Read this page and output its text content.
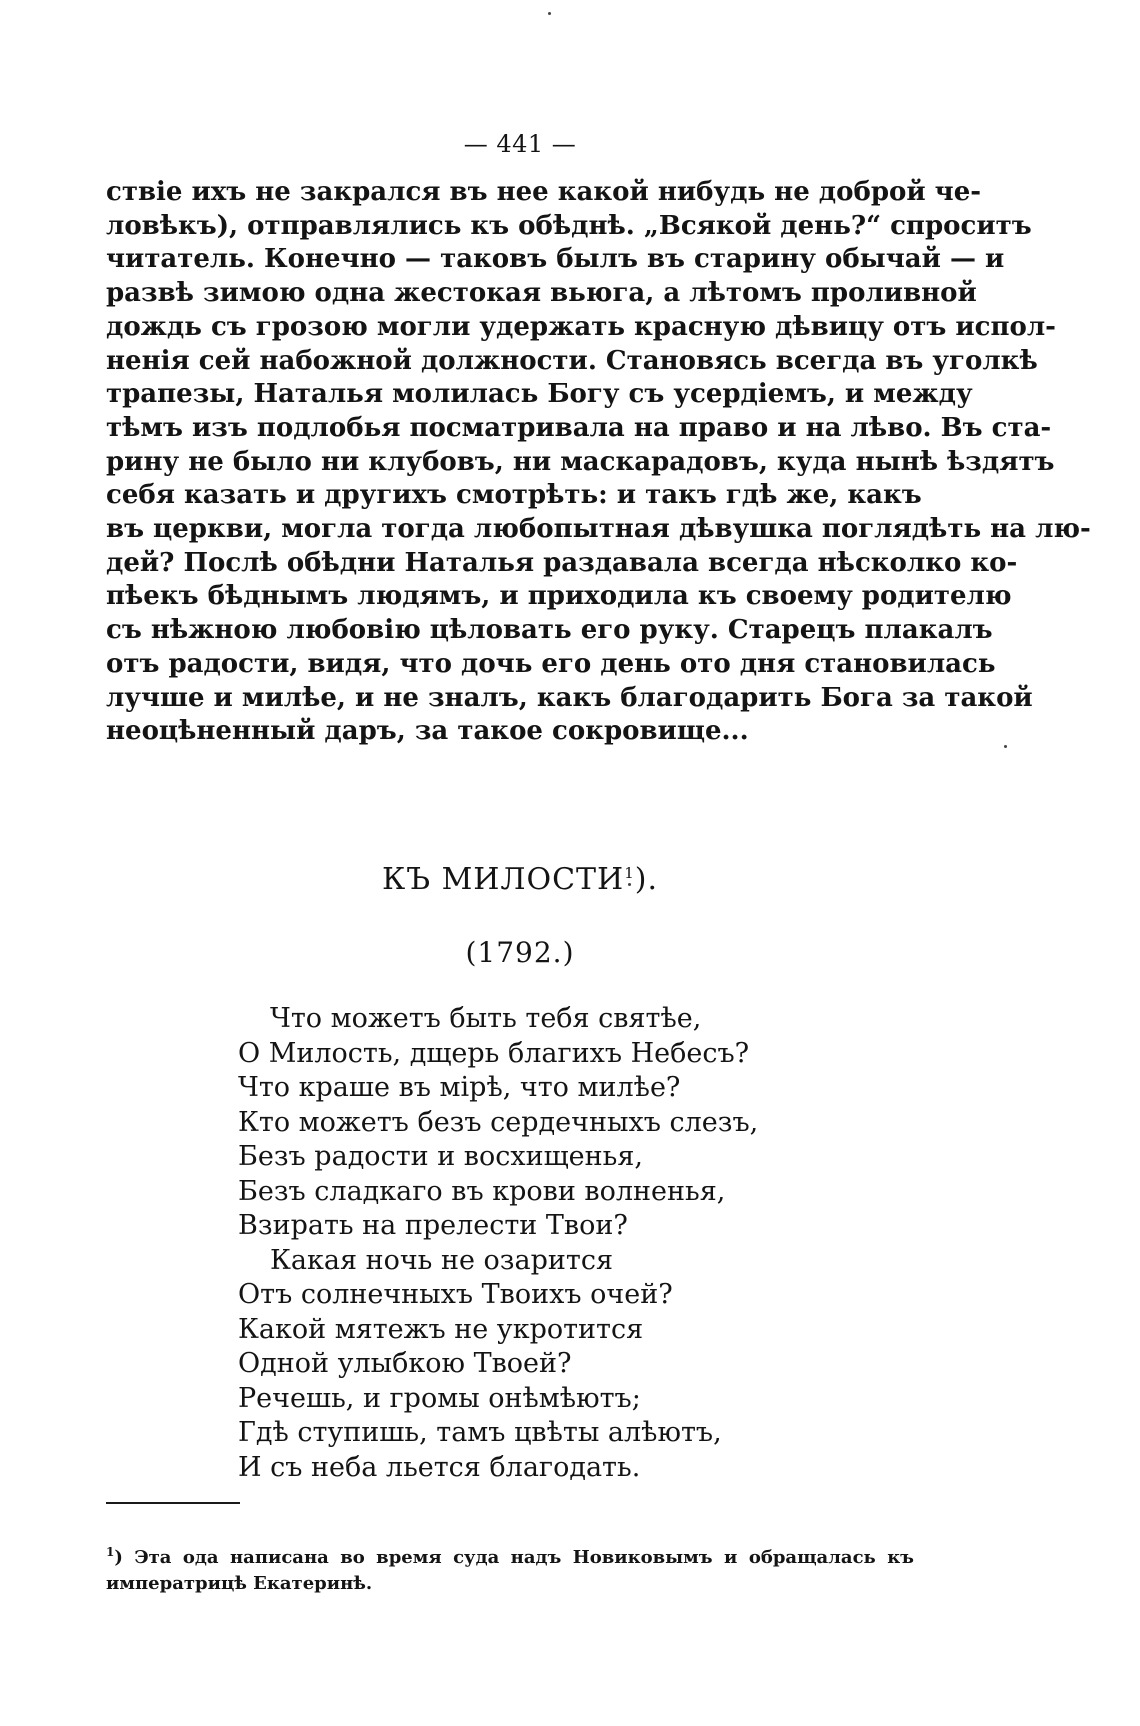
— 441 —
ствіе ихъ не закрался въ нее какой нибудь не доброй че-
ловѣкъ), отправлялись къ обѣднѣ. „Всякой день?“ спроситъ
читатель. Конечно — таковъ былъ въ старину обычай — и
развѣ зимою одна жестокая вьюга, а лѣтомъ проливной
дождь съ грозою могли удержать красную дѣвицу отъ испол-
ненія сей набожной должности. Становясь всегда въ уголкѣ
трапезы, Наталья молилась Богу съ усердіемъ, и между
тѣмъ изъ подлобья посматривала на право и на лѣво. Въ ста-
рину не было ни клубовъ, ни маскарадовъ, куда нынѣ ѣздятъ
себя казать и другихъ смотрѣть: и такъ гдѣ же, какъ
въ церкви, могла тогда любопытная дѣвушка поглядѣть на лю-
дей? Послѣ обѣдни Наталья раздавала всегда нѣсколко ко-
пѣекъ бѣднымъ людямъ, и приходила къ своему родителю
съ нѣжною любовію цѣловать его руку. Старецъ плакалъ
отъ радости, видя, что дочь его день ото дня становилась
лучше и милѣе, и не зналъ, какъ благодарить Бога за такой
неоцѣненный даръ, за такое сокровище...
КЪ МИЛОСТИ$^1$).
(1792.)
Что можетъ быть тебя святѣе,
О Милость, дщерь благихъ Небесъ?
Что краше въ мірѣ, что милѣе?
Кто можетъ безъ сердечныхъ слезъ,
Безъ радости и восхищенья,
Безъ сладкаго въ крови волненья,
Взирать на прелести Твои?
Какая ночь не озарится
Отъ солнечныхъ Твоихъ очей?
Какой мятежъ не укротится
Одной улыбкою Твоей?
Речешь, и громы онѣмѣютъ;
Гдѣ ступишь, тамъ цвѣты алѣютъ,
И съ неба льется благодать.
$^1$) Эта ода написана во время суда надъ Новиковымъ и обращалась къ
императрицѣ Екатеринѣ.
